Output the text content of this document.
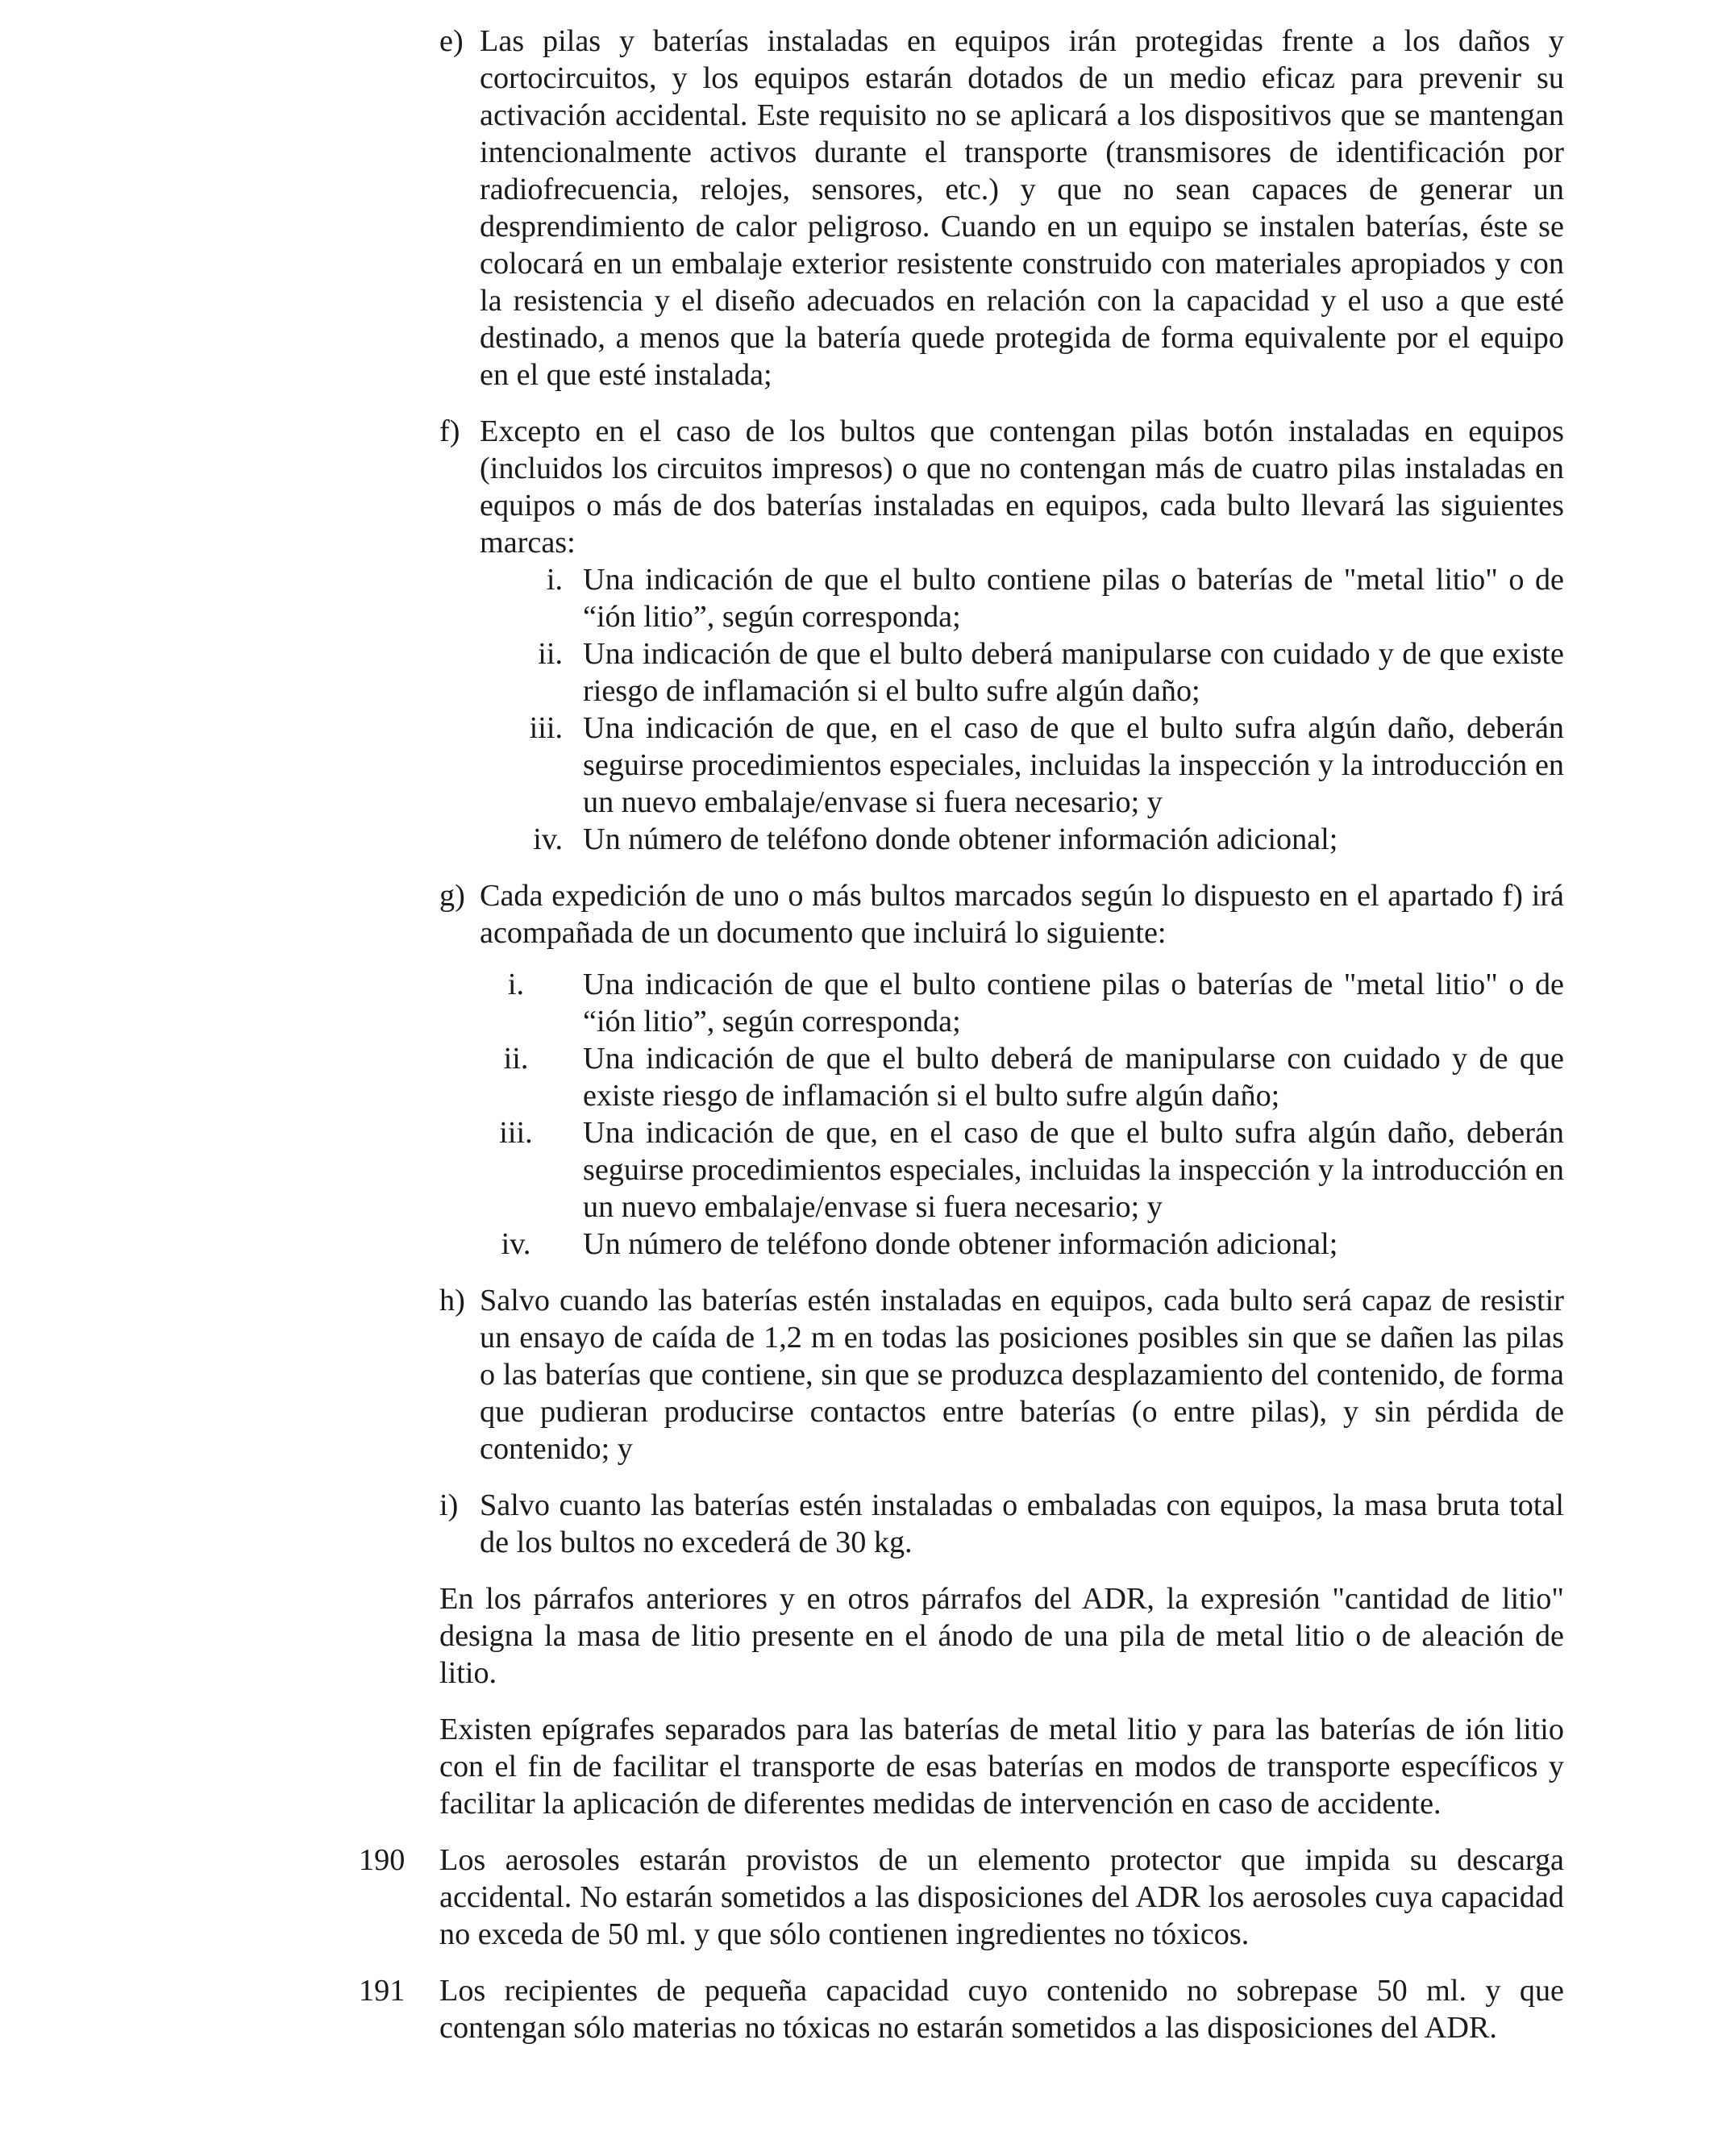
e) Las pilas y baterías instaladas en equipos irán protegidas frente a los daños y cortocircuitos, y los equipos estarán dotados de un medio eficaz para prevenir su activación accidental. Este requisito no se aplicará a los dispositivos que se mantengan intencionalmente activos durante el transporte (transmisores de identificación por radiofrecuencia, relojes, sensores, etc.) y que no sean capaces de generar un desprendimiento de calor peligroso. Cuando en un equipo se instalen baterías, éste se colocará en un embalaje exterior resistente construido con materiales apropiados y con la resistencia y el diseño adecuados en relación con la capacidad y el uso a que esté destinado, a menos que la batería quede protegida de forma equivalente por el equipo en el que esté instalada;
f) Excepto en el caso de los bultos que contengan pilas botón instaladas en equipos (incluidos los circuitos impresos) o que no contengan más de cuatro pilas instaladas en equipos o más de dos baterías instaladas en equipos, cada bulto llevará las siguientes marcas:
i. Una indicación de que el bulto contiene pilas o baterías de "metal litio" o de “ión litio”, según corresponda;
ii. Una indicación de que el bulto deberá manipularse con cuidado y de que existe riesgo de inflamación si el bulto sufre algún daño;
iii. Una indicación de que, en el caso de que el bulto sufra algún daño, deberán seguirse procedimientos especiales, incluidas la inspección y la introducción en un nuevo embalaje/envase si fuera necesario; y
iv. Un número de teléfono donde obtener información adicional;
g) Cada expedición de uno o más bultos marcados según lo dispuesto en el apartado f) irá acompañada de un documento que incluirá lo siguiente:
i.	Una indicación de que el bulto contiene pilas o baterías de "metal litio" o de “ión litio”, según corresponda;
ii.	Una indicación de que el bulto deberá de manipularse con cuidado y de que existe riesgo de inflamación si el bulto sufre algún daño;
iii.	Una indicación de que, en el caso de que el bulto sufra algún daño, deberán seguirse procedimientos especiales, incluidas la inspección y la introducción en un nuevo embalaje/envase si fuera necesario; y
iv.	Un número de teléfono donde obtener información adicional;
h) Salvo cuando las baterías estén instaladas en equipos, cada bulto será capaz de resistir un ensayo de caída de 1,2 m en todas las posiciones posibles sin que se dañen las pilas o las baterías que contiene, sin que se produzca desplazamiento del contenido, de forma que pudieran producirse contactos entre baterías (o entre pilas), y sin pérdida de contenido; y
i) Salvo cuanto las baterías estén instaladas o embaladas con equipos, la masa bruta total de los bultos no excederá de 30 kg.

En los párrafos anteriores y en otros párrafos del ADR, la expresión "cantidad de litio" designa la masa de litio presente en el ánodo de una pila de metal litio o de aleación de litio.

Existen epígrafes separados para las baterías de metal litio y para las baterías de ión litio con el fin de facilitar el transporte de esas baterías en modos de transporte específicos y facilitar la aplicación de diferentes medidas de intervención en caso de accidente.

190 Los aerosoles estarán provistos de un elemento protector que impida su descarga accidental. No estarán sometidos a las disposiciones del ADR los aerosoles cuya capacidad no exceda de 50 ml. y que sólo contienen ingredientes no tóxicos.
191 Los recipientes de pequeña capacidad cuyo contenido no sobrepase 50 ml. y que contengan sólo materias no tóxicas no estarán sometidos a las disposiciones del ADR.
